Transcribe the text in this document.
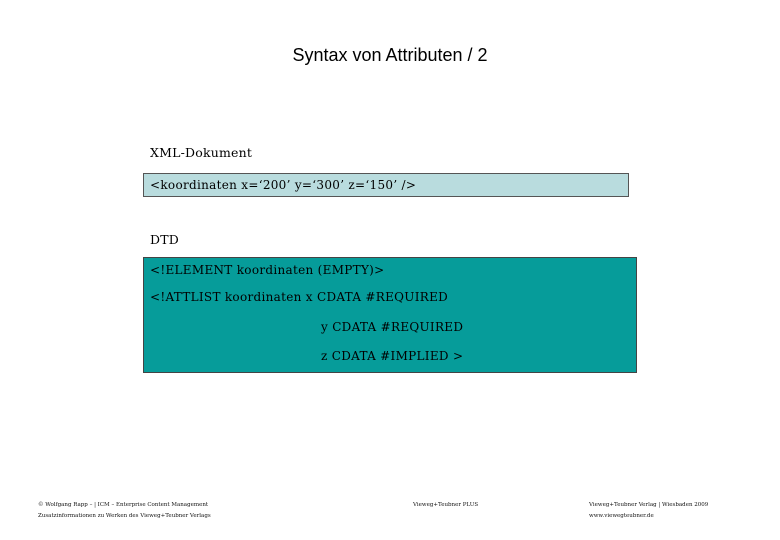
Syntax von Attributen / 2
XML-Dokument
<koordinaten x=‘200’ y=‘300’ z=‘150’ />
DTD
<!ELEMENT koordinaten (EMPTY)>
<!ATTLIST koordinaten x CDATA #REQUIRED
y CDATA #REQUIRED
z CDATA #IMPLIED >
© Wolfgang Rapp – | ICM – Enterprise Content Management
Zusatzinformationen zu Werken des Vieweg+Teubner Verlags
Vieweg+Teubner PLUS	Vieweg+Teubner Verlag | Wiesbaden 2009
www.viewegteubner.de
